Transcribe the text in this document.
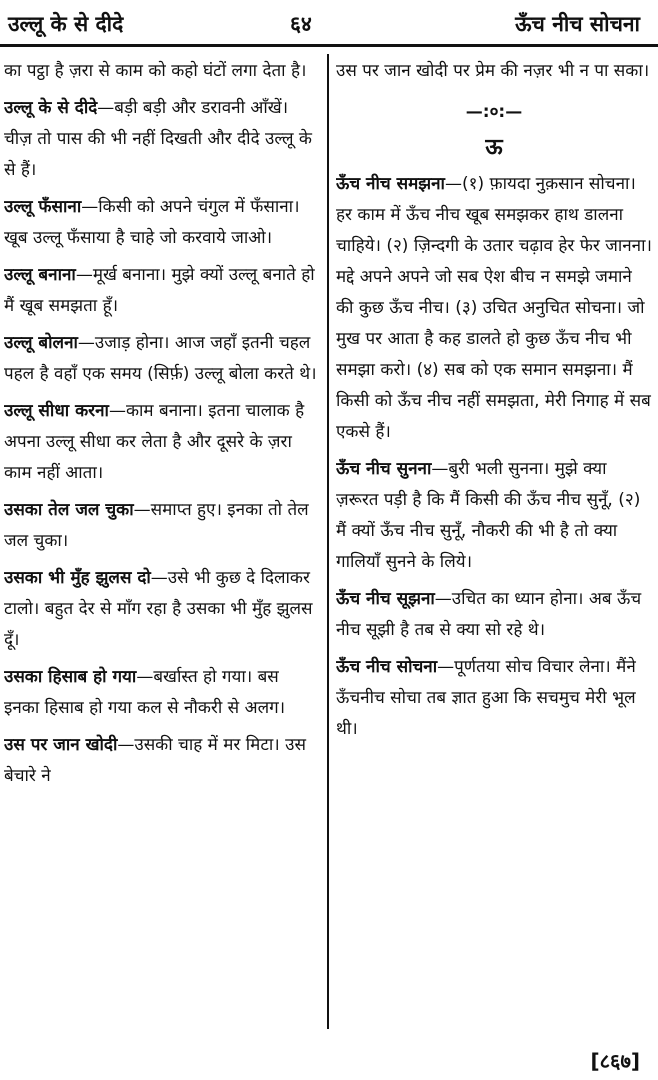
उल्लू के से दीदे	६४	ऊँच नीच सोचना

का पट्ठा है ज़रा से काम को कहो घंटों लगा देता है।

उल्लू के से दीदे—बड़ी बड़ी और डरावनी आँखें। चीज़ तो पास की भी नहीं दिखती और दीदे उल्लू के से हैं।

उल्लू फँसाना—किसी को अपने चंगुल में फँसाना। खूब उल्लू फँसाया है चाहे जो करवाये जाओ।

उल्लू बनाना—मूर्ख बनाना। मुझे क्यों उल्लू बनाते हो मैं खूब समझता हूँ।

उल्लू बोलना—उजाड़ होना। आज जहाँ इतनी चहल पहल है वहाँ एक समय (सिर्फ़) उल्लू बोला करते थे।

उल्लू सीधा करना—काम बनाना। इतना चालाक है अपना उल्लू सीधा कर लेता है और दूसरे के ज़रा काम नहीं आता।

उसका तेल जल चुका—समाप्त हुए। इनका तो तेल जल चुका।

उसका भी मुँह झुलस दो—उसे भी कुछ दे दिलाकर टालो। बहुत देर से माँग रहा है उसका भी मुँह झुलस दूँ।

उसका हिसाब हो गया—बर्खास्त हो गया। बस इनका हिसाब हो गया कल से नौकरी से अलग।

उस पर जान खोदी—उसकी चाह में मर मिटा। उस बेचारे ने

उस पर जान खोदी पर प्रेम की नज़र भी न पा सका।

—:०:—

ऊ

ऊँच नीच समझना—(१) फ़ायदा नुक़सान सोचना। हर काम में ऊँच नीच खूब समझकर हाथ डालना चाहिये। (२) ज़िन्दगी के उतार चढ़ाव हेर फेर जानना। मद्दे अपने अपने जो सब ऐश बीच न समझे जमाने की कुछ ऊँच नीच। (३) उचित अनुचित सोचना। जो मुख पर आता है कह डालते हो कुछ ऊँच नीच भी समझा करो। (४) सब को एक समान समझना। मैं किसी को ऊँच नीच नहीं समझता, मेरी निगाह में सब एकसे हैं।

ऊँच नीच सुनना—बुरी भली सुनना। मुझे क्या ज़रूरत पड़ी है कि मैं किसी की ऊँच नीच सुनूँ, (२) मैं क्यों ऊँच नीच सुनूँ, नौकरी की भी है तो क्या गालियाँ सुनने के लिये।

ऊँच नीच सूझना—उचित का ध्यान होना। अब ऊँच नीच सूझी है तब से क्या सो रहे थे।

ऊँच नीच सोचना—पूर्णतया सोच विचार लेना। मैंने ऊँचनीच सोचा तब ज्ञात हुआ कि सचमुच मेरी भूल थी।

[८६७]
